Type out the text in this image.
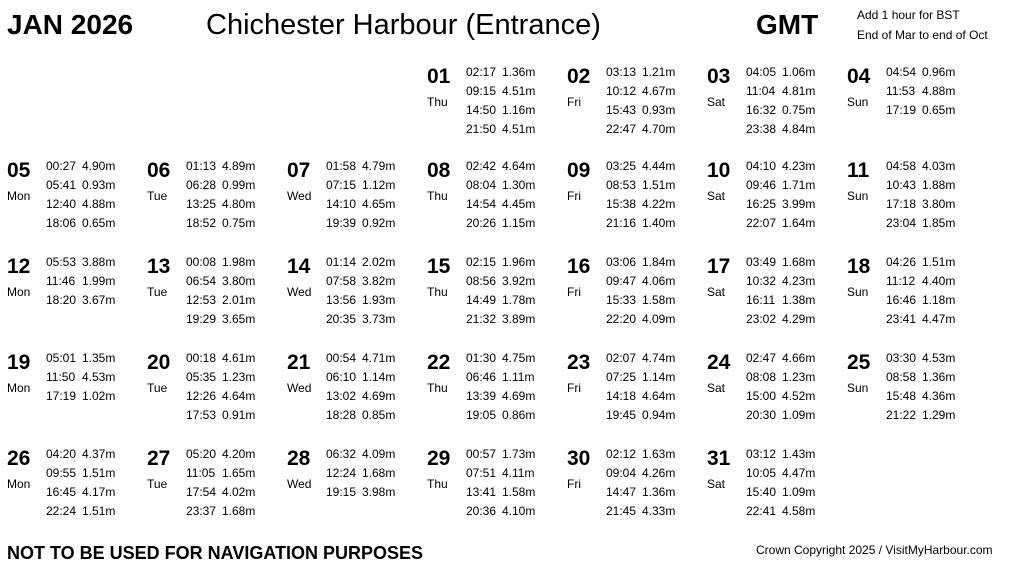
JAN 2026	Chichester Harbour (Entrance)	GMT	Add 1 hour for BST
End of Mar to end of Oct
01
Thu
02:17 1.36m
09:15 4.51m
14:50 1.16m
21:50 4.51m
02
Fri
03:13 1.21m
10:12 4.67m
15:43 0.93m
22:47 4.70m
03
Sat
04:05 1.06m
11:04 4.81m
16:32 0.75m
23:38 4.84m
04
Sun
04:54 0.96m
11:53 4.88m
17:19 0.65m
05
Mon
00:27 4.90m
05:41 0.93m
12:40 4.88m
18:06 0.65m
06
Tue
01:13 4.89m
06:28 0.99m
13:25 4.80m
18:52 0.75m
07
Wed
01:58 4.79m
07:15 1.12m
14:10 4.65m
19:39 0.92m
08
Thu
02:42 4.64m
08:04 1.30m
14:54 4.45m
20:26 1.15m
09
Fri
03:25 4.44m
08:53 1.51m
15:38 4.22m
21:16 1.40m
10
Sat
04:10 4.23m
09:46 1.71m
16:25 3.99m
22:07 1.64m
11
Sun
04:58 4.03m
10:43 1.88m
17:18 3.80m
23:04 1.85m
12
Mon
05:53 3.88m
11:46 1.99m
18:20 3.67m
13
Tue
00:08 1.98m
06:54 3.80m
12:53 2.01m
19:29 3.65m
14
Wed
01:14 2.02m
07:58 3.82m
13:56 1.93m
20:35 3.73m
15
Thu
02:15 1.96m
08:56 3.92m
14:49 1.78m
21:32 3.89m
16
Fri
03:06 1.84m
09:47 4.06m
15:33 1.58m
22:20 4.09m
17
Sat
03:49 1.68m
10:32 4.23m
16:11 1.38m
23:02 4.29m
18
Sun
04:26 1.51m
11:12 4.40m
16:46 1.18m
23:41 4.47m
19
Mon
05:01 1.35m
11:50 4.53m
17:19 1.02m
20
Tue
00:18 4.61m
05:35 1.23m
12:26 4.64m
17:53 0.91m
21
Wed
00:54 4.71m
06:10 1.14m
13:02 4.69m
18:28 0.85m
22
Thu
01:30 4.75m
06:46 1.11m
13:39 4.69m
19:05 0.86m
23
Fri
02:07 4.74m
07:25 1.14m
14:18 4.64m
19:45 0.94m
24
Sat
02:47 4.66m
08:08 1.23m
15:00 4.52m
20:30 1.09m
25
Sun
03:30 4.53m
08:58 1.36m
15:48 4.36m
21:22 1.29m
26
Mon
04:20 4.37m
09:55 1.51m
16:45 4.17m
22:24 1.51m
27
Tue
05:20 4.20m
11:05 1.65m
17:54 4.02m
23:37 1.68m
28
Wed
06:32 4.09m
12:24 1.68m
19:15 3.98m
29
Thu
00:57 1.73m
07:51 4.11m
13:41 1.58m
20:36 4.10m
30
Fri
02:12 1.63m
09:04 4.26m
14:47 1.36m
21:45 4.33m
31
Sat
03:12 1.43m
10:05 4.47m
15:40 1.09m
22:41 4.58m
NOT TO BE USED FOR NAVIGATION PURPOSES	Crown Copyright 2025 / VisitMyHarbour.com
